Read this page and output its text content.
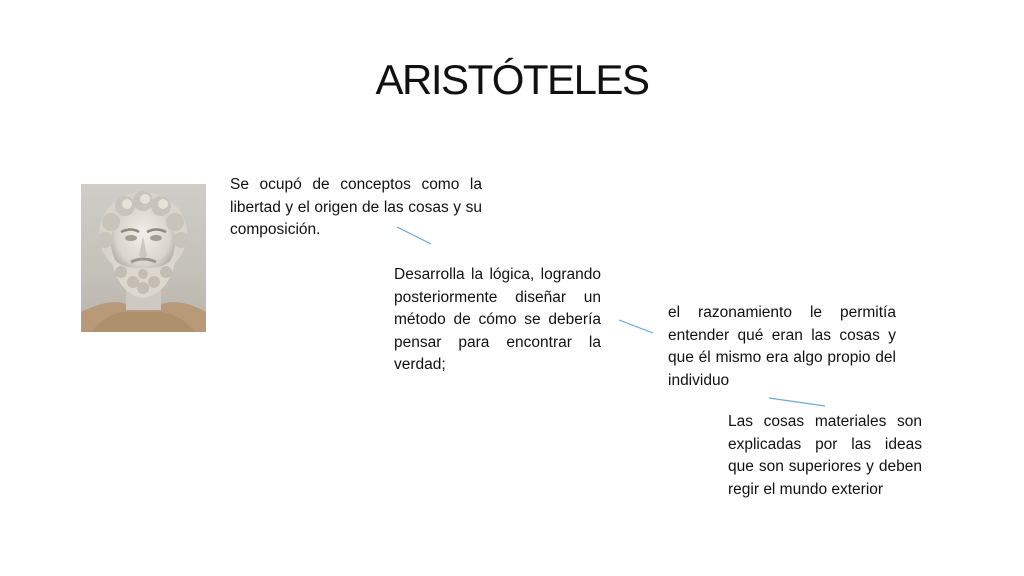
ARISTÓTELES

Se ocupó de conceptos como la libertad y el origen de las cosas y su composición.

Desarrolla la lógica, logrando posteriormente diseñar un método de cómo se debería pensar para encontrar la verdad;

el razonamiento le permitía entender qué eran las cosas y que él mismo era algo propio del individuo

Las cosas materiales son explicadas por las ideas que son superiores y deben regir el mundo exterior
